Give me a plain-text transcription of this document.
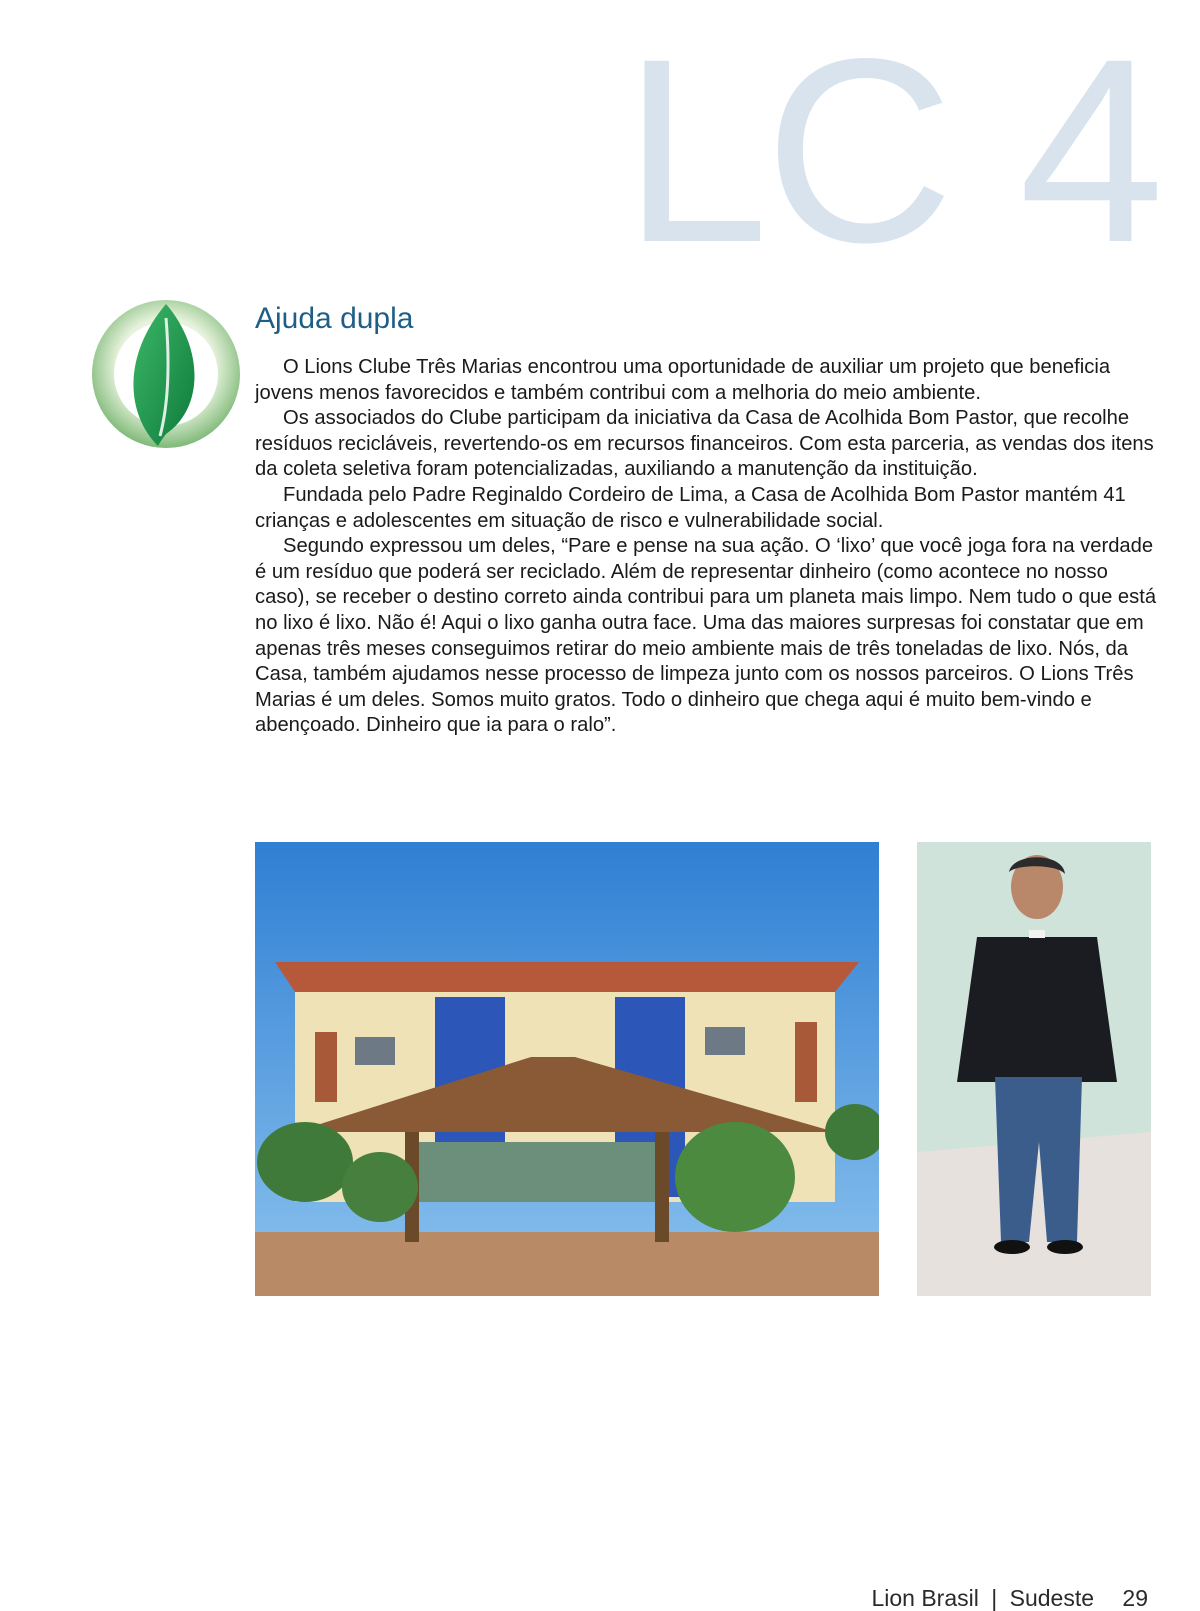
LC 4
Ajuda dupla

O Lions Clube Três Marias encontrou uma oportunidade de auxiliar um projeto que beneficia jovens menos favorecidos e também contribui com a melhoria do meio ambiente.

Os associados do Clube participam da iniciativa da Casa de Acolhida Bom Pastor, que recolhe resíduos recicláveis, revertendo-os em recursos financeiros. Com esta parceria, as vendas dos itens da coleta seletiva foram potencializadas, auxiliando a manutenção da instituição.

Fundada pelo Padre Reginaldo Cordeiro de Lima, a Casa de Acolhida Bom Pastor mantém 41 crianças e adolescentes em situação de risco e vulnerabilidade social.

Segundo expressou um deles, “Pare e pense na sua ação. O ‘lixo’ que você joga fora na verdade é um resíduo que poderá ser reciclado. Além de representar dinheiro (como acontece no nosso caso), se receber o destino correto ainda contribui para um planeta mais limpo. Nem tudo o que está no lixo é lixo. Não é! Aqui o lixo ganha outra face. Uma das maiores surpresas foi constatar que em apenas três meses conseguimos retirar do meio ambiente mais de três toneladas de lixo. Nós, da Casa, também ajudamos nesse processo de limpeza junto com os nossos parceiros. O Lions Três Marias é um deles. Somos muito gratos. Todo o dinheiro que chega aqui é muito bem-vindo e abençoado. Dinheiro que ia para o ralo”.

Lion Brasil | Sudeste 29
